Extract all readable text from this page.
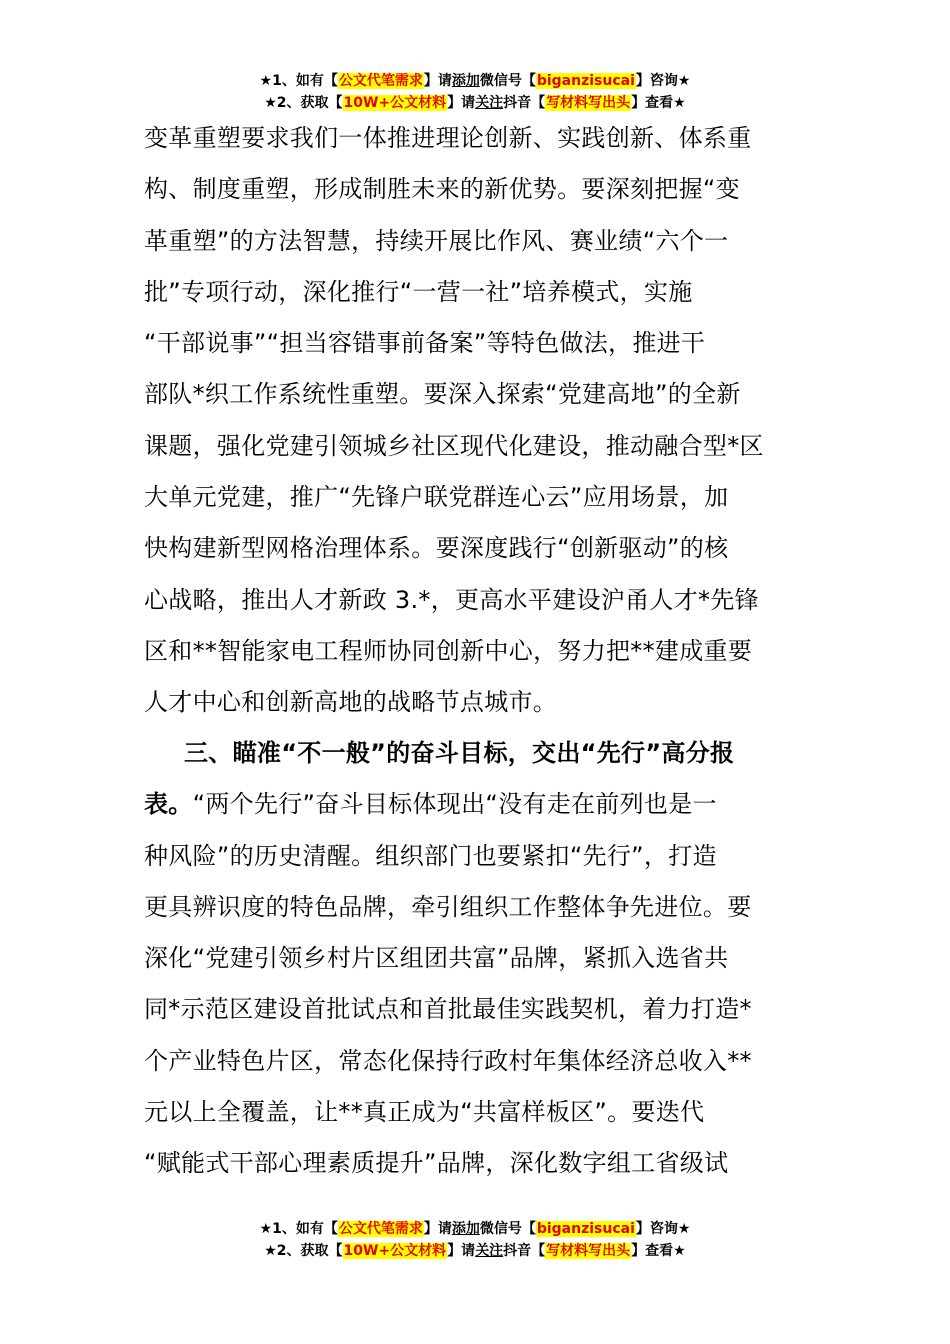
★1、如有【公文代笔需求】请添加微信号【biganzisucai】咨询★
★2、获取【10W+公文材料】请关注抖音【写材料写出头】查看★
变革重塑要求我们一体推进理论创新、实践创新、体系重
构、制度重塑，形成制胜未来的新优势。要深刻把握“变
革重塑”的方法智慧，持续开展比作风、赛业绩“六个一
批”专项行动，深化推行“一营一社”培养模式，实施
“干部说事”“担当容错事前备案”等特色做法，推进干
部队*织工作系统性重塑。要深入探索“党建高地”的全新
课题，强化党建引领城乡社区现代化建设，推动融合型*区
大单元党建，推广“先锋户联党群连心云”应用场景，加
快构建新型网格治理体系。要深度践行“创新驱动”的核
心战略，推出人才新政 3.*，更高水平建设沪甬人才*先锋
区和**智能家电工程师协同创新中心，努力把**建成重要
人才中心和创新高地的战略节点城市。
三、瞄准“不一般”的奋斗目标，交出“先行”高分报
表。“两个先行”奋斗目标体现出“没有走在前列也是一
种风险”的历史清醒。组织部门也要紧扣“先行”，打造
更具辨识度的特色品牌，牵引组织工作整体争先进位。要
深化“党建引领乡村片区组团共富”品牌，紧抓入选省共
同*示范区建设首批试点和首批最佳实践契机，着力打造*
个产业特色片区，常态化保持行政村年集体经济总收入**
元以上全覆盖，让**真正成为“共富样板区”。要迭代
“赋能式干部心理素质提升”品牌，深化数字组工省级试
★1、如有【公文代笔需求】请添加微信号【biganzisucai】咨询★
★2、获取【10W+公文材料】请关注抖音【写材料写出头】查看★
